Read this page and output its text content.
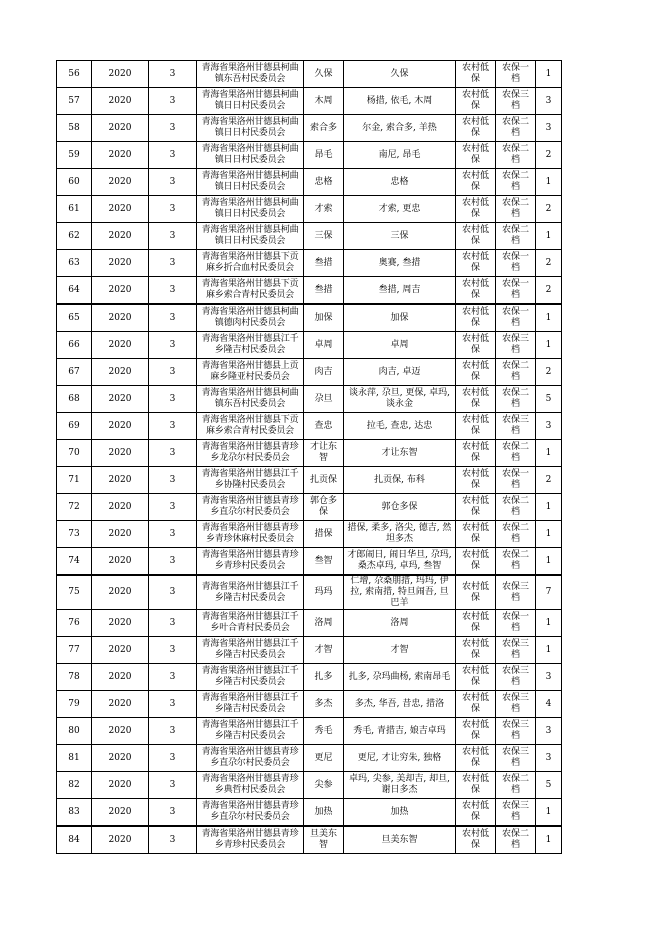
56	2020	3	青海省果洛州甘德县柯曲镇东吾村民委员会	久保	久保	农村低保	农保一档	1
57	2020	3	青海省果洛州甘德县柯曲镇日日村民委员会	木周	杨措, 依毛, 木周	农村低保	农保三档	3
58	2020	3	青海省果洛州甘德县柯曲镇日日村民委员会	索合多	尔金, 索合多, 羊热	农村低保	农保二档	3
59	2020	3	青海省果洛州甘德县柯曲镇日日村民委员会	昂毛	南尼, 昂毛	农村低保	农保二档	2
60	2020	3	青海省果洛州甘德县柯曲镇日日村民委员会	忠格	忠格	农村低保	农保二档	1
61	2020	3	青海省果洛州甘德县柯曲镇日日村民委员会	才索	才索, 更忠	农村低保	农保二档	2
62	2020	3	青海省果洛州甘德县柯曲镇日日村民委员会	三保	三保	农村低保	农保二档	1
63	2020	3	青海省果洛州甘德县下贡麻乡折合血村民委员会	叁措	奥赛, 叁措	农村低保	农保一档	2
64	2020	3	青海省果洛州甘德县下贡麻乡索合青村民委员会	叁措	叁措, 周吉	农村低保	农保一档	2
65	2020	3	青海省果洛州甘德县柯曲镇德肉村民委员会	加保	加保	农村低保	农保一档	1
66	2020	3	青海省果洛州甘德县江千乡隆吉村民委员会	卓周	卓周	农村低保	农保三档	1
67	2020	3	青海省果洛州甘德县上贡麻乡隆亚村民委员会	肉吉	肉吉, 卓迈	农村低保	农保二档	2
68	2020	3	青海省果洛州甘德县柯曲镇东吾村民委员会	尕旦	谈永萍, 尕旦, 更保, 卓玛, 谈永金	农村低保	农保二档	5
69	2020	3	青海省果洛州甘德县下贡麻乡索合青村民委员会	查忠	拉毛, 查忠, 达忠	农村低保	农保三档	3
70	2020	3	青海省果洛州甘德县青珍乡龙尕尔村民委员会	才让东智	才让东智	农村低保	农保二档	1
71	2020	3	青海省果洛州甘德县江千乡协隆村民委员会	扎贡保	扎贡保, 布科	农村低保	农保一档	2
72	2020	3	青海省果洛州甘德县青珍乡直尕尔村民委员会	郭仓多保	郭仓多保	农村低保	农保二档	1
73	2020	3	青海省果洛州甘德县青珍乡青珍休麻村民委员会	措保	措保, 柔多, 洛尖, 德吉, 然坦多杰	农村低保	农保二档	1
74	2020	3	青海省果洛州甘德县青珍乡青珍村民委员会	叁智	才郎闹日, 闹日华旦, 尕玛, 桑杰卓玛, 卓玛, 叁智	农村低保	农保二档	1
75	2020	3	青海省果洛州甘德县江千乡隆吉村民委员会	玛玛	仁增, 尕桑朋措, 玛玛, 伊拉, 索南措, 特旦闹吾, 旦巴羊	农村低保	农保三档	7
76	2020	3	青海省果洛州甘德县江千乡叶合青村民委员会	洛周	洛周	农村低保	农保一档	1
77	2020	3	青海省果洛州甘德县江千乡隆吉村民委员会	才智	才智	农村低保	农保三档	1
78	2020	3	青海省果洛州甘德县江千乡隆吉村民委员会	扎多	扎多, 尕玛曲杨, 索南昂毛	农村低保	农保三档	3
79	2020	3	青海省果洛州甘德县江千乡隆吉村民委员会	多杰	多杰, 华吾, 昔忠, 措洛	农村低保	农保三档	4
80	2020	3	青海省果洛州甘德县江千乡隆吉村民委员会	秀毛	秀毛, 青措吉, 娘吉卓玛	农村低保	农保三档	3
81	2020	3	青海省果洛州甘德县青珍乡直尕尔村民委员会	更尼	更尼, 才让穷朱, 独格	农村低保	农保三档	3
82	2020	3	青海省果洛州甘德县青珍乡典哲村民委员会	尖参	卓玛, 尖参, 美却吉, 却旦, 谢日多杰	农村低保	农保二档	5
83	2020	3	青海省果洛州甘德县青珍乡直尕尔村民委员会	加热	加热	农村低保	农保三档	1
84	2020	3	青海省果洛州甘德县青珍乡青珍村民委员会	旦美东智	旦美东智	农村低保	农保二档	1
